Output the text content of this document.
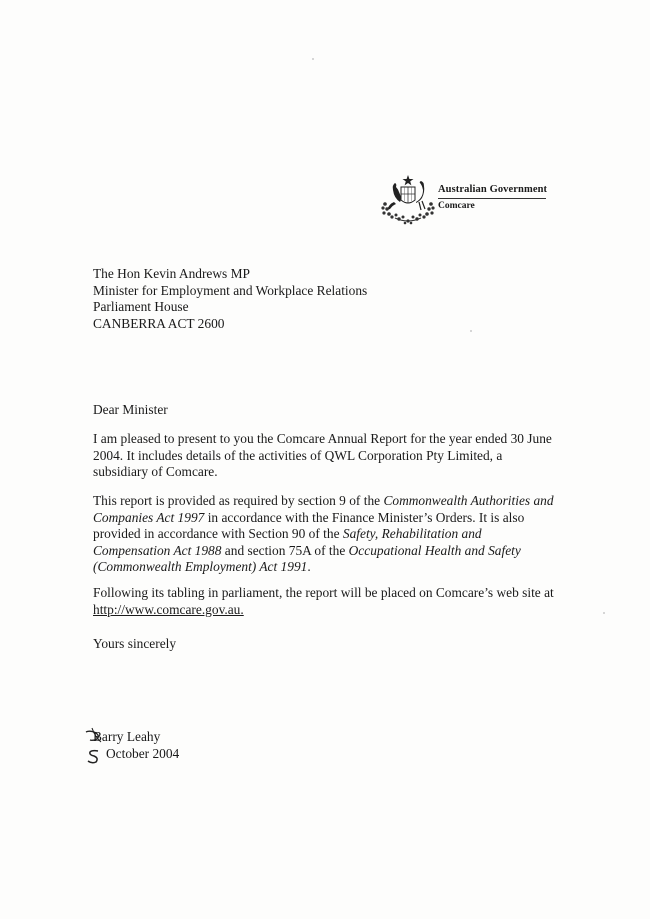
Australian Government
Comcare
The Hon Kevin Andrews MP
Minister for Employment and Workplace Relations
Parliament House
CANBERRA ACT 2600
Dear Minister
I am pleased to present to you the Comcare Annual Report for the year ended 30 June
2004. It includes details of the activities of QWL Corporation Pty Limited, a
subsidiary of Comcare.
This report is provided as required by section 9 of the Commonwealth Authorities and
Companies Act 1997 in accordance with the Finance Minister’s Orders. It is also
provided in accordance with Section 90 of the Safety, Rehabilitation and
Compensation Act 1988 and section 75A of the Occupational Health and Safety
(Commonwealth Employment) Act 1991.
Following its tabling in parliament, the report will be placed on Comcare’s web site at
http://www.comcare.gov.au.
Yours sincerely
Barry Leahy
October 2004
